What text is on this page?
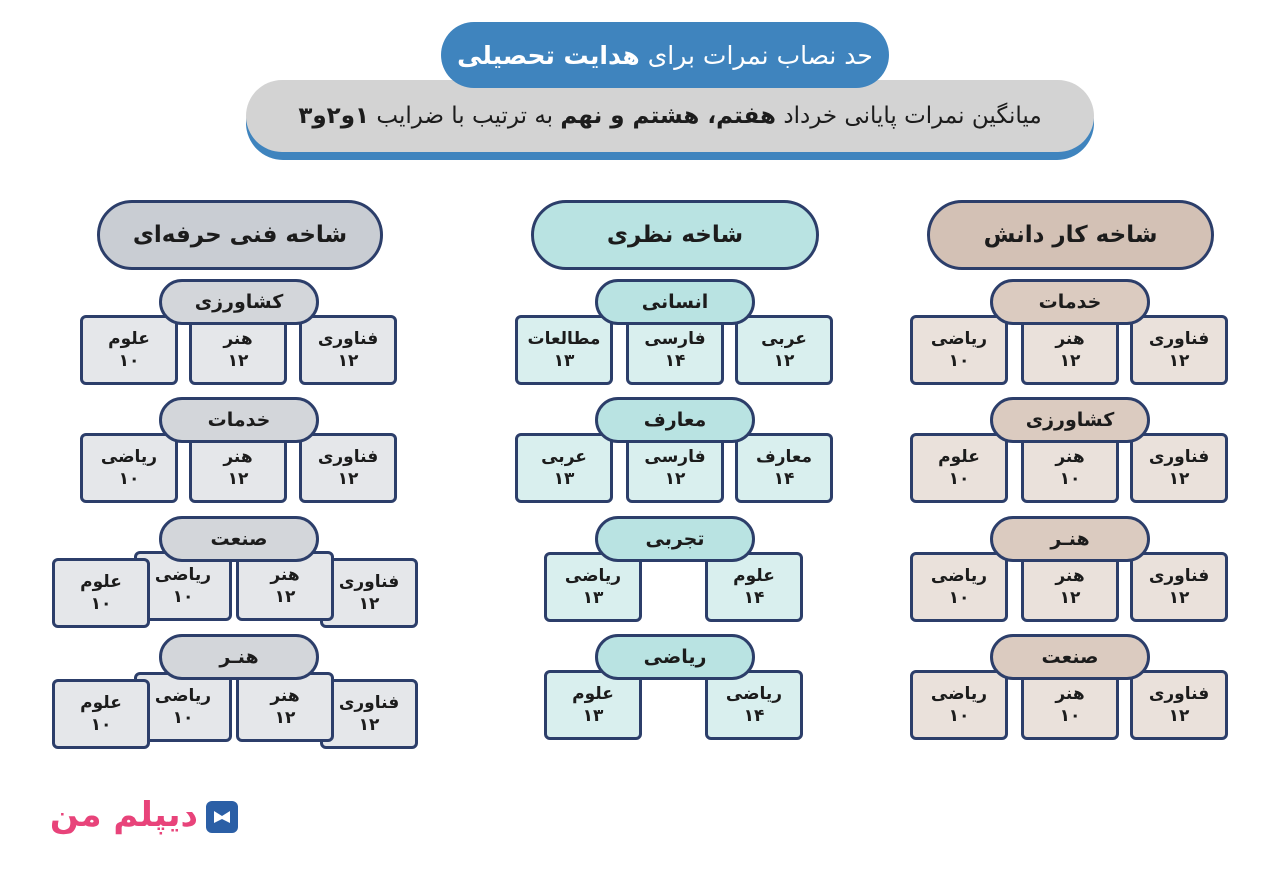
حد نصاب نمرات برای

هدایت تحصیلی
میانگین نمرات پایانی خرداد

هفتم، هشتم و نهم

به ترتیب با ضرایب

۱و۲و۳
شاخه فنی حرفه‌ای
کشاورزی
فناوری
۱۲
هنر
۱۲
علوم
۱۰
خدمات
فناوری
۱۲
هنر
۱۲
ریاضی
۱۰
صنعت
فناوری
۱۲
هنر
۱۲
ریاضی
۱۰
علوم
۱۰
هنـر
فناوری
۱۲
هنر
۱۲
ریاضی
۱۰
علوم
۱۰
شاخه نظری
انسانی
عربی
۱۲
فارسی
۱۴
مطالعات
۱۳
معارف
معارف
۱۴
فارسی
۱۲
عربی
۱۳
تجربی
علوم
۱۴
ریاضی
۱۳
ریاضی
ریاضی
۱۴
علوم
۱۳
شاخه کار دانش
خدمات
فناوری
۱۲
هنر
۱۲
ریاضی
۱۰
کشاورزی
فناوری
۱۲
هنر
۱۰
علوم
۱۰
هنـر
فناوری
۱۲
هنر
۱۲
ریاضی
۱۰
صنعت
فناوری
۱۲
هنر
۱۰
ریاضی
۱۰
دیپلم من
